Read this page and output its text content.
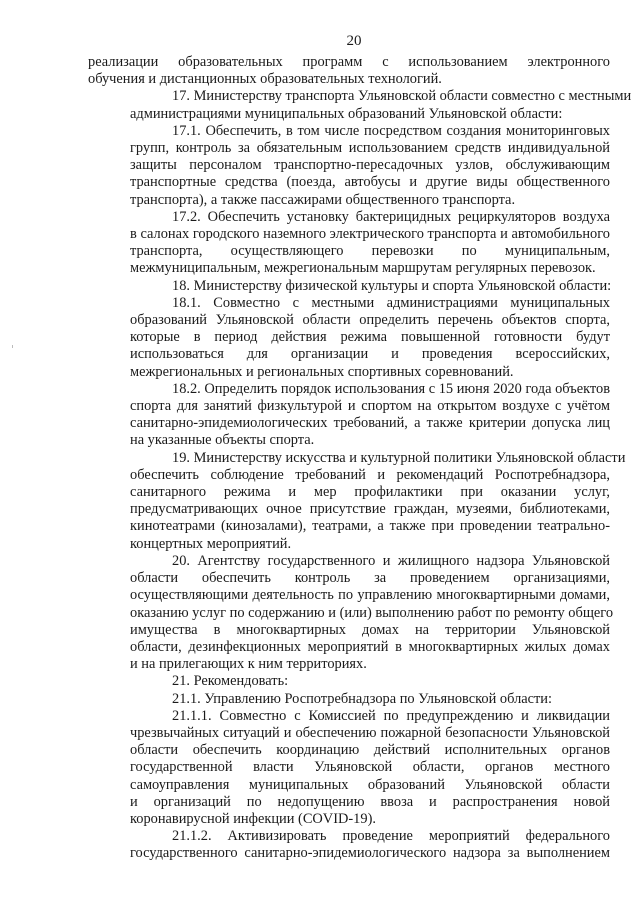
20
реализации образовательных программ с использованием электронного
обучения и дистанционных образовательных технологий.
17. Министерству транспорта Ульяновской области совместно с местными
администрациями муниципальных образований Ульяновской области:
17.1. Обеспечить, в том числе посредством создания мониторинговых
групп, контроль за обязательным использованием средств индивидуальной
защиты персоналом транспортно-пересадочных узлов, обслуживающим
транспортные средства (поезда, автобусы и другие виды общественного
транспорта), а также пассажирами общественного транспорта.
17.2. Обеспечить установку бактерицидных рециркуляторов воздуха
в салонах городского наземного электрического транспорта и автомобильного
транспорта, осуществляющего перевозки по муниципальным,
межмуниципальным, межрегиональным маршрутам регулярных перевозок.
18. Министерству физической культуры и спорта Ульяновской области:
18.1. Совместно с местными администрациями муниципальных
образований Ульяновской области определить перечень объектов спорта,
которые в период действия режима повышенной готовности будут
использоваться для организации и проведения всероссийских,
межрегиональных и региональных спортивных соревнований.
18.2. Определить порядок использования с 15 июня 2020 года объектов
спорта для занятий физкультурой и спортом на открытом воздухе с учётом
санитарно-эпидемиологических требований, а также критерии допуска лиц
на указанные объекты спорта.
19. Министерству искусства и культурной политики Ульяновской области
обеспечить соблюдение требований и рекомендаций Роспотребнадзора,
санитарного режима и мер профилактики при оказании услуг,
предусматривающих очное присутствие граждан, музеями, библиотеками,
кинотеатрами (кинозалами), театрами, а также при проведении театрально-
концертных мероприятий.
20. Агентству государственного и жилищного надзора Ульяновской
области обеспечить контроль за проведением организациями,
осуществляющими деятельность по управлению многоквартирными домами,
оказанию услуг по содержанию и (или) выполнению работ по ремонту общего
имущества в многоквартирных домах на территории Ульяновской
области, дезинфекционных мероприятий в многоквартирных жилых домах
и на прилегающих к ним территориях.
21. Рекомендовать:
21.1. Управлению Роспотребнадзора по Ульяновской области:
21.1.1. Совместно с Комиссией по предупреждению и ликвидации
чрезвычайных ситуаций и обеспечению пожарной безопасности Ульяновской
области обеспечить координацию действий исполнительных органов
государственной власти Ульяновской области, органов местного
самоуправления муниципальных образований Ульяновской области
и организаций по недопущению ввоза и распространения новой
коронавирусной инфекции (COVID-19).
21.1.2. Активизировать проведение мероприятий федерального
государственного санитарно-эпидемиологического надзора за выполнением
